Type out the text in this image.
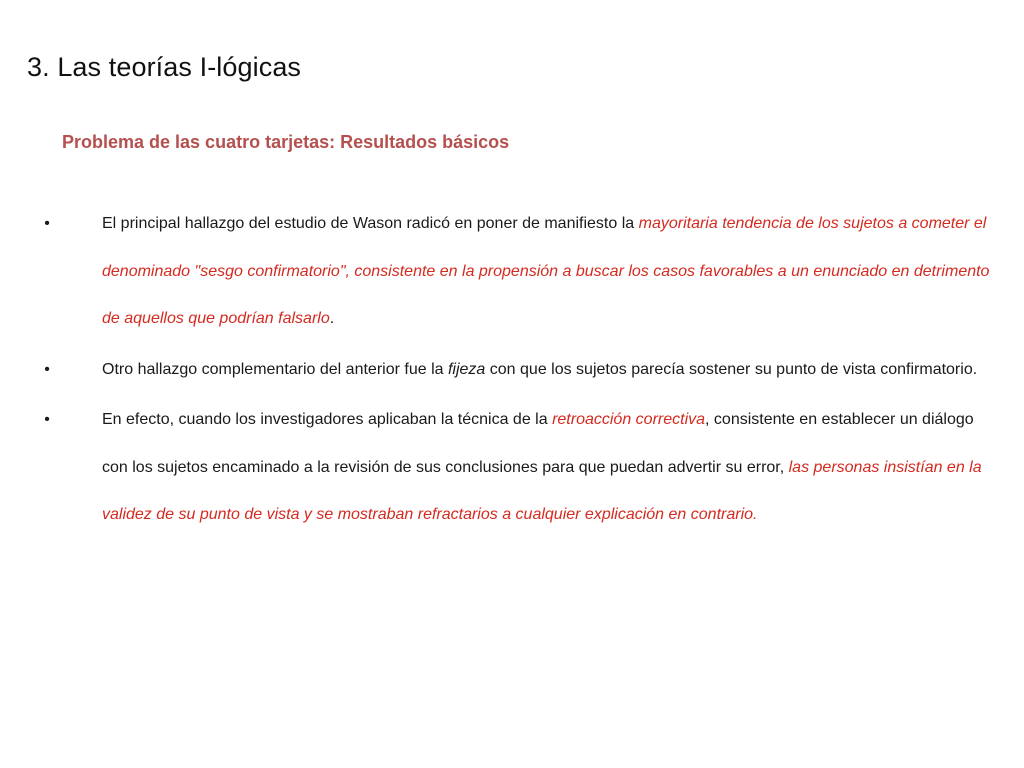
3. Las teorías I-lógicas
Problema de las cuatro tarjetas: Resultados básicos
•	El principal hallazgo del estudio de Wason radicó en poner de manifiesto la mayoritaria tendencia de los sujetos a cometer el denominado "sesgo confirmatorio", consistente en la propensión a buscar los casos favorables a un enunciado en detrimento de aquellos que podrían falsarlo.
•	Otro hallazgo complementario del anterior fue la fijeza con que los sujetos parecía sostener su punto de vista confirmatorio.
•	En efecto, cuando los investigadores aplicaban la técnica de la retroacción correctiva, consistente en establecer un diálogo con los sujetos encaminado a la revisión de sus conclusiones para que puedan advertir su error, las personas insistían en la validez de su punto de vista y se mostraban refractarios a cualquier explicación en contrario.
